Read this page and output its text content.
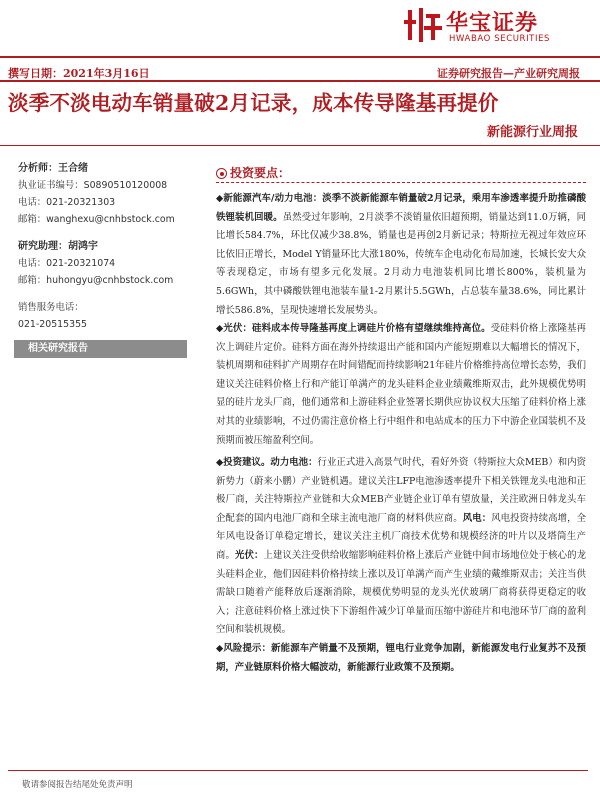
华宝证券
HWABAO SECURITIES
撰写日期：2021年3月16日	证券研究报告—产业研究周报
淡季不淡电动车销量破2月记录，成本传导隆基再提价
新能源行业周报
分析师：王合绪
执业证书编号：S0890510120008
电话：021-20321303
邮箱：wanghexu@cnhbstock.com
研究助理：胡鸿宇
电话：021-20321074
邮箱：huhongyu@cnhbstock.com
销售服务电话：
021-20515355
相关研究报告
投资要点：
◆新能源汽车/动力电池：淡季不淡新能源车销量破2月记录，乘用车渗透率提升助推磷酸铁锂装机回暖。虽然受过年影响，2月淡季不淡销量依旧超预期，销量达到11.0万辆，同比增长584.7%，环比仅减少38.8%，销量也是再创2月新记录；特斯拉无视过年效应环比依旧正增长，Model Y销量环比大涨180%，传统车企电动化布局加速，长城长安大众等表现稳定，市场有望多元化发展。2月动力电池装机同比增长800%，装机量为5.6GWh，其中磷酸铁锂电池装车量1-2月累计5.5GWh，占总装车量38.6%，同比累计增长586.8%，呈现快速增长发展势头。
◆光伏：硅料成本传导隆基再度上调硅片价格有望继续维持高位。受硅料价格上涨隆基再次上调硅片定价。硅料方面在海外持续退出产能和国内产能短期难以大幅增长的情况下，装机周期和硅料扩产周期存在时间错配而持续影响21年硅片价格维持高位增长态势，我们建议关注硅料价格上行和产能订单满产的龙头硅料企业业绩戴维斯双击，此外规模优势明显的硅片龙头厂商，他们通常和上游硅料企业签署长期供应协议权大压缩了硅料价格上涨对其的业绩影响，不过仍需注意价格上行中组件和电站成本的压力下中游企业国装机不及预期而被压缩盈利空间。
◆投资建议。动力电池：行业正式进入高景气时代，看好外资（特斯拉大众MEB）和内资新势力（蔚来小鹏）产业链机遇。建议关注LFP电池渗透率提升下相关铁锂龙头电池和正极厂商，关注特斯拉产业链和大众MEB产业链企业订单有望放量，关注欧洲日韩龙头车企配套的国内电池厂商和全球主流电池厂商的材料供应商。风电：风电投资持续高增，全年风电设备订单稳定增长，建议关注主机厂商技术优势和规模经济的叶片以及塔筒生产商。光伏：上建议关注受供给收缩影响硅料价格上涨后产业链中间市场地位处于核心的龙头硅料企业，他们因硅料价格持续上涨以及订单满产而产生业绩的戴维斯双击；关注当供需缺口随着产能释放后逐渐消除，规模优势明显的龙头光伏玻璃厂商将获得更稳定的收入；注意硅料价格上涨过快下下游组件减少订单量而压缩中游硅片和电池环节厂商的盈利空间和装机规模。
◆风险提示：新能源车产销量不及预期，锂电行业竞争加剧，新能源发电行业复苏不及预期，产业链原料价格大幅波动，新能源行业政策不及预期。
敬请参阅报告结尾处免责声明
